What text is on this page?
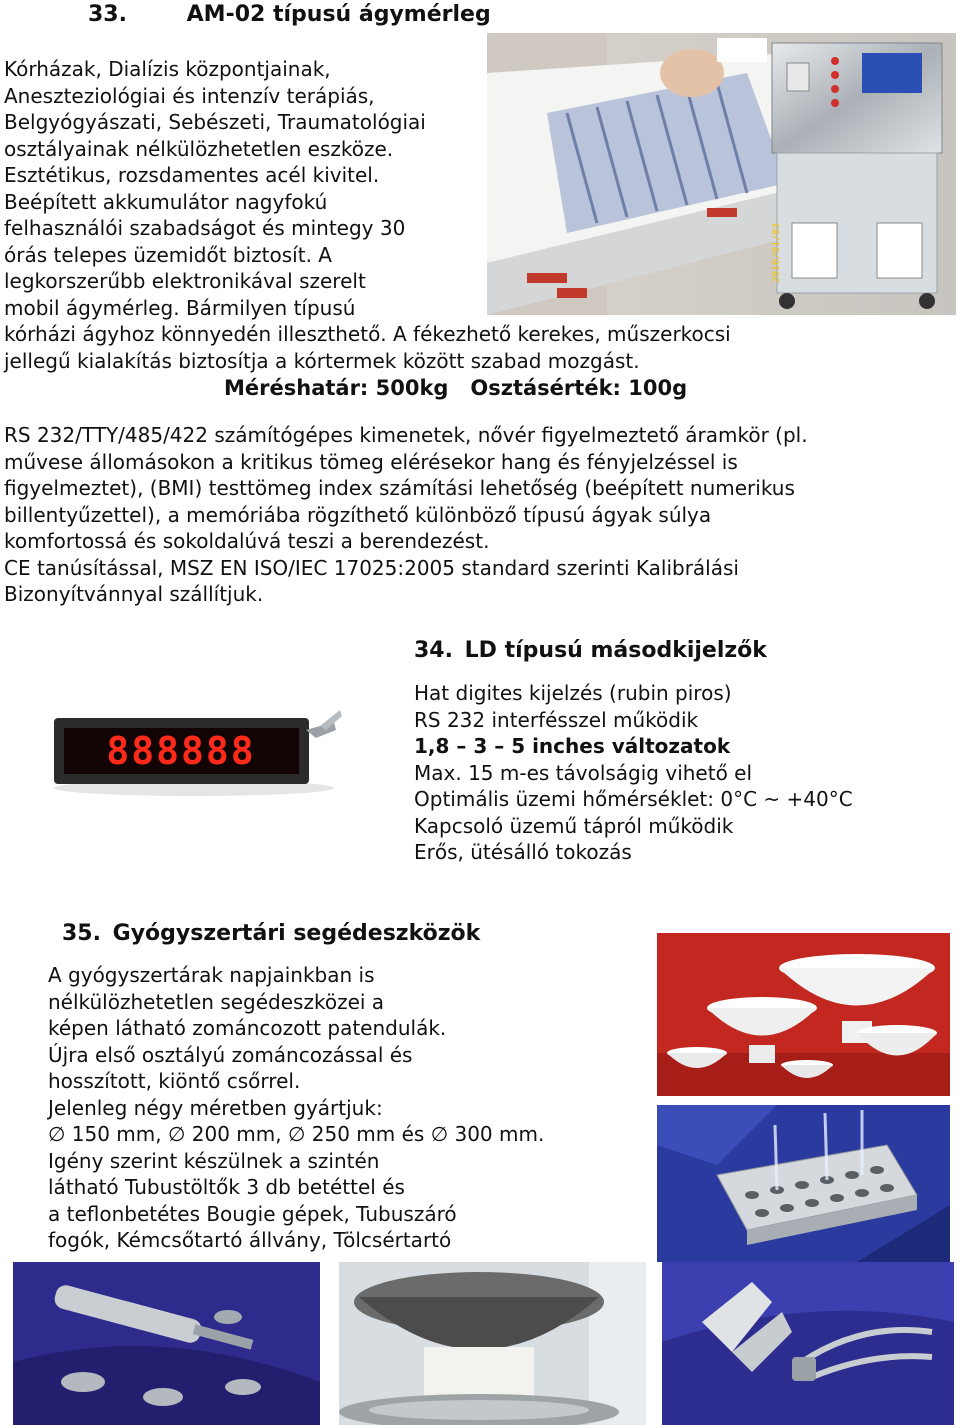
33.	AM-02 típusú ágymérleg
2010/01/03
Kórházak, Dialízis központjainak,
Aneszteziológiai és intenzív terápiás,
Belgyógyászati, Sebészeti, Traumatológiai
osztályainak nélkülözhetetlen eszköze.
Esztétikus, rozsdamentes acél kivitel.
Beépített akkumulátor nagyfokú
felhasználói szabadságot és mintegy 30
órás telepes üzemidőt biztosít. A
legkorszerűbb elektronikával szerelt
mobil ágymérleg. Bármilyen típusú
kórházi ágyhoz könnyedén illeszthető. A fékezhető kerekes, műszerkocsi
jellegű kialakítás biztosítja a kórtermek között szabad mozgást.
Méréshatár: 500kg   Osztásérték: 100g
RS 232/TTY/485/422 számítógépes kimenetek, nővér figyelmeztető áramkör (pl.
művese állomásokon a kritikus tömeg elérésekor hang és fényjelzéssel is
figyelmeztet), (BMI) testtömeg index számítási lehetőség (beépített numerikus
billentyűzettel), a memóriába rögzíthető különböző típusú ágyak súlya
komfortossá és sokoldalúvá teszi a berendezést.
CE tanúsítással, MSZ EN ISO/IEC 17025:2005 standard szerinti Kalibrálási
Bizonyítvánnyal szállítjuk.
34. LD típusú másodkijelzők
888888
Hat digites kijelzés (rubin piros)
RS 232 interfésszel működik
1,8 – 3 – 5 inches változatok
Max. 15 m-es távolságig vihető el
Optimális üzemi hőmérséklet: 0°C ~ +40°C
Kapcsoló üzemű tápról működik
Erős, ütésálló tokozás
35. Gyógyszertári segédeszközök
A gyógyszertárak napjainkban is
nélkülözhetetlen segédeszközei a
képen látható zománcozott patendulák.
Újra első osztályú zománcozással és
hosszított, kiöntő csőrrel.
Jelenleg négy méretben gyártjuk:
∅ 150 mm, ∅ 200 mm, ∅ 250 mm és ∅ 300 mm.
Igény szerint készülnek a szintén
látható Tubustöltők 3 db betéttel és
a teflonbetétes Bougie gépek, Tubuszáró
fogók, Kémcsőtartó állvány, Tölcsértartó
